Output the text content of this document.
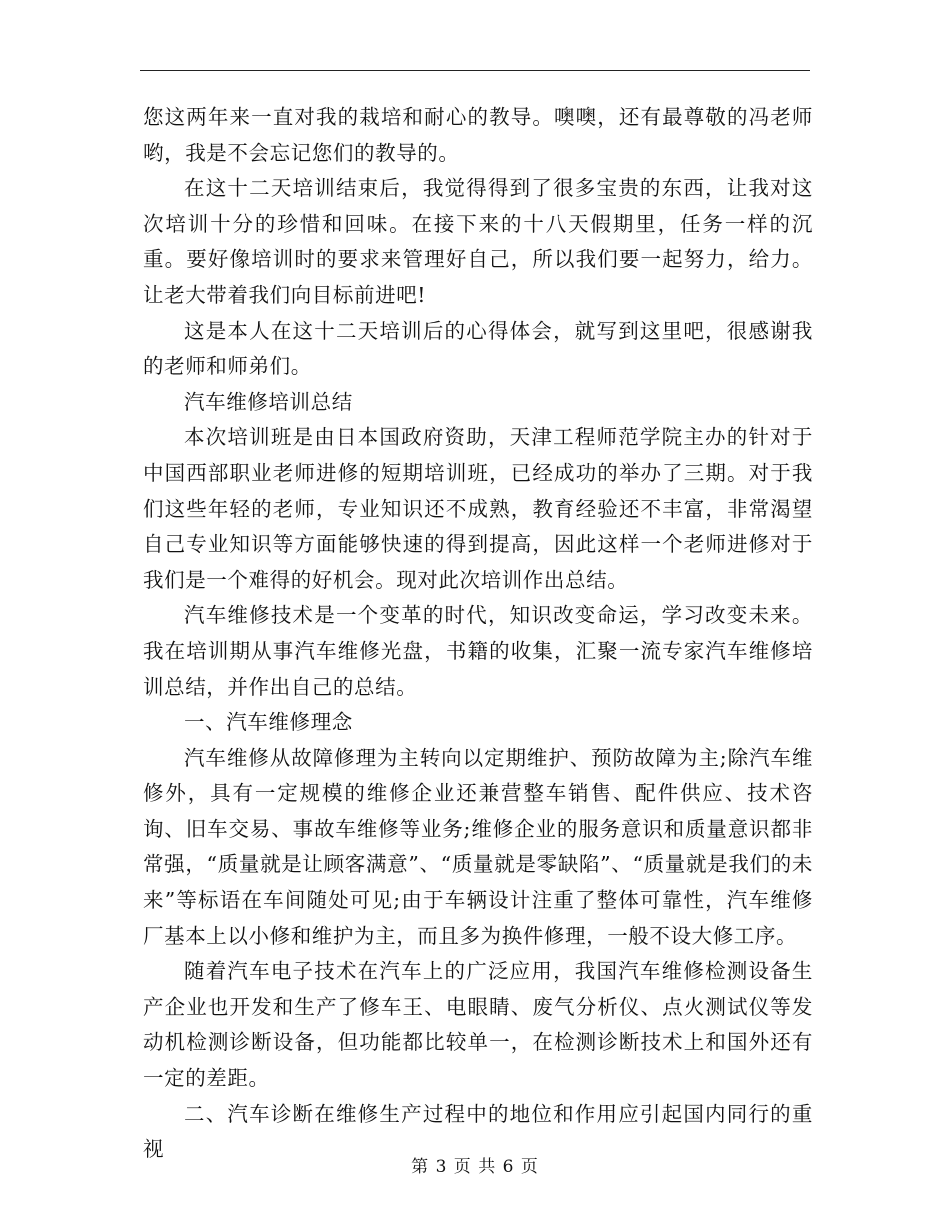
您这两年来一直对我的栽培和耐心的教导。噢噢，还有最尊敬的冯老师哟，我是不会忘记您们的教导的。

在这十二天培训结束后，我觉得得到了很多宝贵的东西，让我对这次培训十分的珍惜和回味。在接下来的十八天假期里，任务一样的沉重。要好像培训时的要求来管理好自己，所以我们要一起努力，给力。让老大带着我们向目标前进吧!

这是本人在这十二天培训后的心得体会，就写到这里吧，很感谢我的老师和师弟们。

汽车维修培训总结

本次培训班是由日本国政府资助，天津工程师范学院主办的针对于中国西部职业老师进修的短期培训班，已经成功的举办了三期。对于我们这些年轻的老师，专业知识还不成熟，教育经验还不丰富，非常渴望自己专业知识等方面能够快速的得到提高，因此这样一个老师进修对于我们是一个难得的好机会。现对此次培训作出总结。

汽车维修技术是一个变革的时代，知识改变命运，学习改变未来。我在培训期从事汽车维修光盘，书籍的收集，汇聚一流专家汽车维修培训总结，并作出自己的总结。

一、汽车维修理念

汽车维修从故障修理为主转向以定期维护、预防故障为主;除汽车维修外，具有一定规模的维修企业还兼营整车销售、配件供应、技术咨询、旧车交易、事故车维修等业务;维修企业的服务意识和质量意识都非常强，“质量就是让顾客满意”、“质量就是零缺陷”、“质量就是我们的未来”等标语在车间随处可见;由于车辆设计注重了整体可靠性，汽车维修厂基本上以小修和维护为主，而且多为换件修理，一般不设大修工序。

随着汽车电子技术在汽车上的广泛应用，我国汽车维修检测设备生产企业也开发和生产了修车王、电眼睛、废气分析仪、点火测试仪等发动机检测诊断设备，但功能都比较单一，在检测诊断技术上和国外还有一定的差距。

二、汽车诊断在维修生产过程中的地位和作用应引起国内同行的重视

第 3 页 共 6 页
